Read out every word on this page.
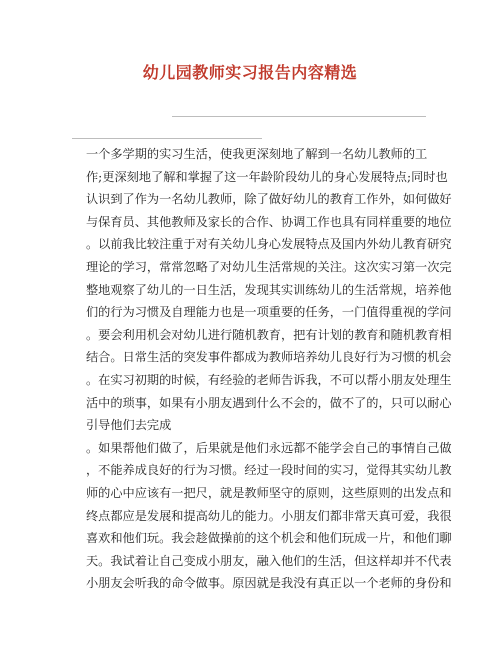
幼儿园教师实习报告内容精选

一个多学期的实习生活，使我更深刻地了解到一名幼儿教师的工

作;更深刻地了解和掌握了这一年龄阶段幼儿的身心发展特点;同时也

认识到了作为一名幼儿教师，除了做好幼儿的教育工作外，如何做好

与保育员、其他教师及家长的合作、协调工作也具有同样重要的地位

。以前我比较注重于对有关幼儿身心发展特点及国内外幼儿教育研究

理论的学习，常常忽略了对幼儿生活常规的关注。这次实习第一次完

整地观察了幼儿的一日生活，发现其实训练幼儿的生活常规，培养他

们的行为习惯及自理能力也是一项重要的任务，一门值得重视的学问

。要会利用机会对幼儿进行随机教育，把有计划的教育和随机教育相

结合。日常生活的突发事件都成为教师培养幼儿良好行为习惯的机会

。在实习初期的时候，有经验的老师告诉我，不可以帮小朋友处理生

活中的琐事，如果有小朋友遇到什么不会的，做不了的，只可以耐心

引导他们去完成

。如果帮他们做了，后果就是他们永远都不能学会自己的事情自己做

，不能养成良好的行为习惯。经过一段时间的实习，觉得其实幼儿教

师的心中应该有一把尺，就是教师坚守的原则，这些原则的出发点和

终点都应是发展和提高幼儿的能力。小朋友们都非常天真可爱，我很

喜欢和他们玩。我会趁做操前的这个机会和他们玩成一片，和他们聊

天。我试着让自己变成小朋友，融入他们的生活，但这样却并不代表

小朋友会听我的命令做事。原因就是我没有真正以一个老师的身份和
